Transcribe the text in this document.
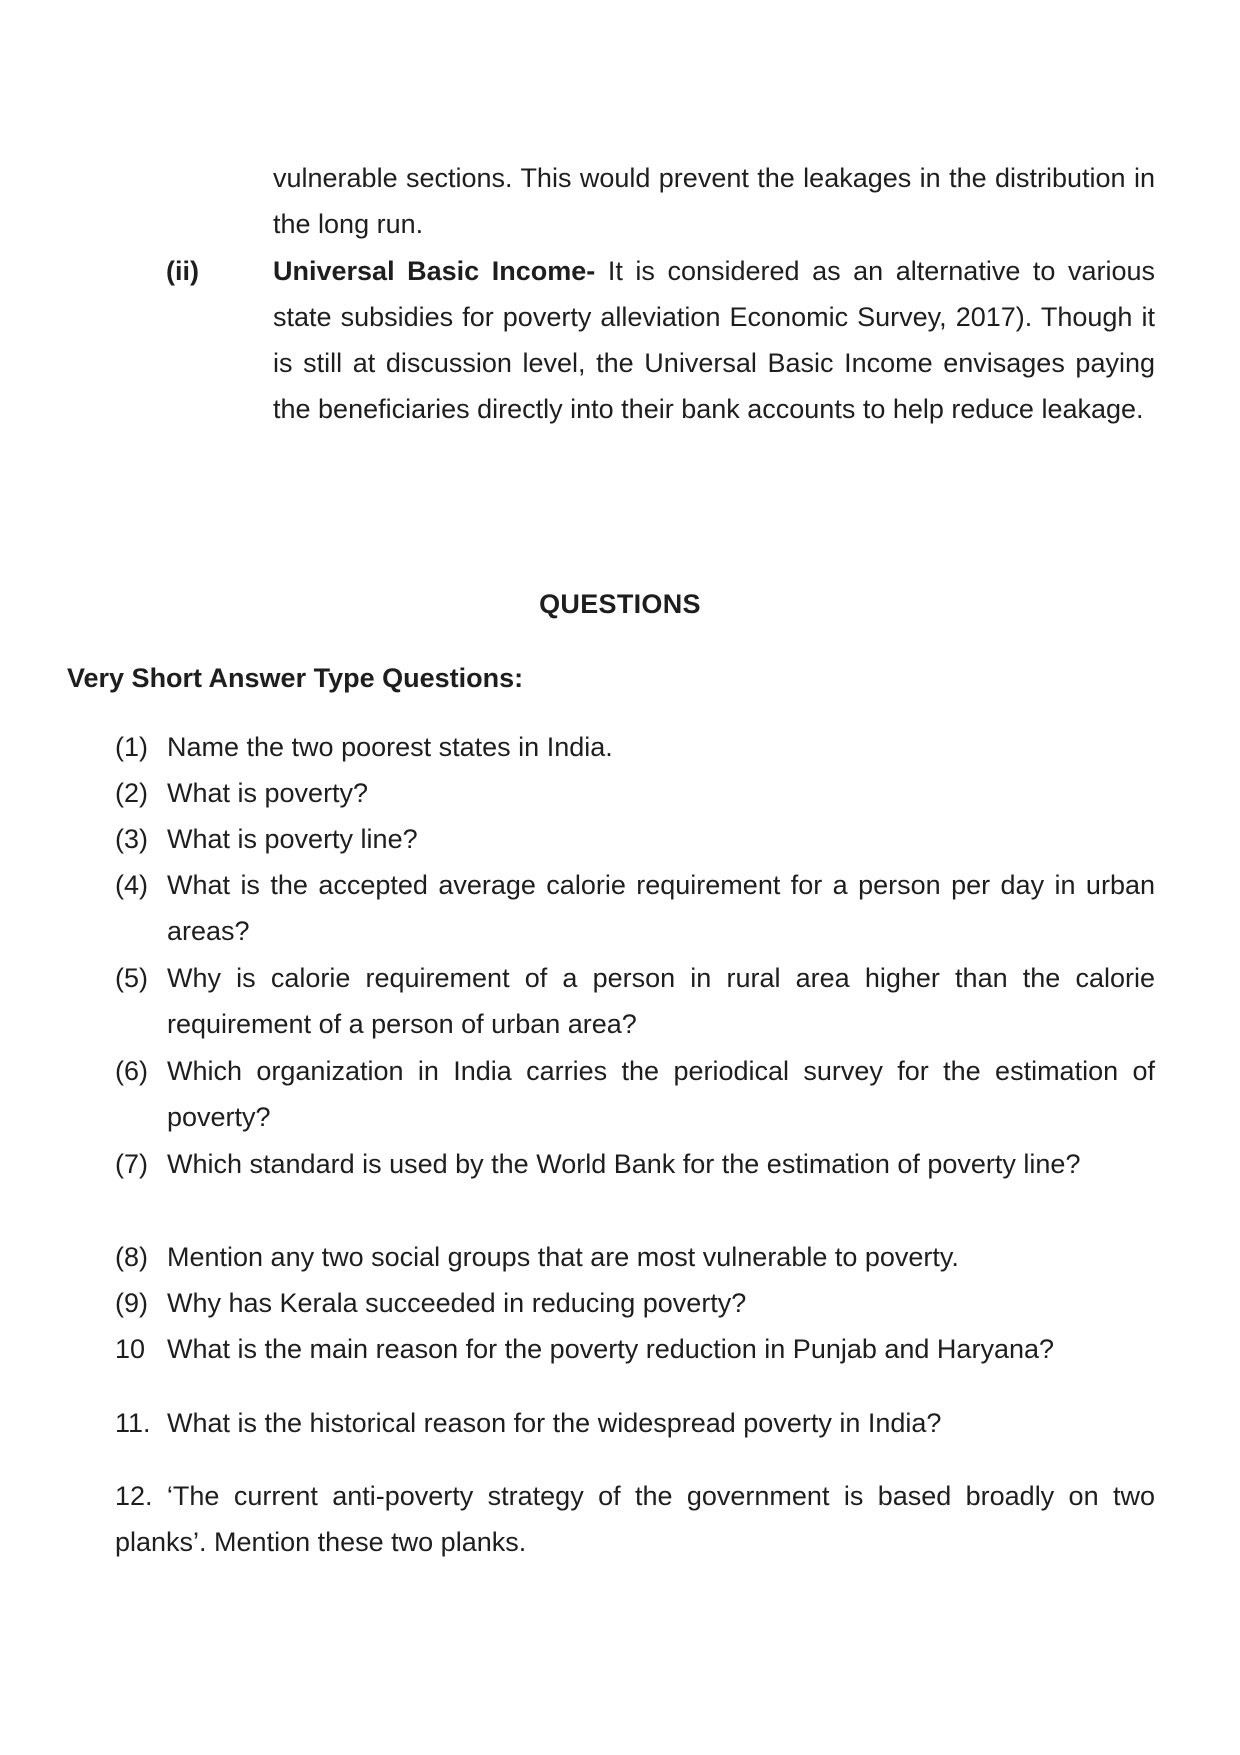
vulnerable sections. This would prevent the leakages in the distribution in the long run.
(ii)	Universal Basic Income- It is considered as an alternative to various state subsidies for poverty alleviation Economic Survey, 2017). Though it is still at discussion level, the Universal Basic Income envisages paying the beneficiaries directly into their bank accounts to help reduce leakage.
QUESTIONS
Very Short Answer Type Questions:
(1) Name the two poorest states in India.
(2) What is poverty?
(3) What is poverty line?
(4) What is the accepted average calorie requirement for a person per day in urban areas?
(5) Why is calorie requirement of a person in rural area higher than the calorie requirement of a person of urban area?
(6) Which organization in India carries the periodical survey for the estimation of poverty?
(7) Which standard is used by the World Bank for the estimation of poverty line?
(8) Mention any two social groups that are most vulnerable to poverty.
(9) Why has Kerala succeeded in reducing poverty?
10 What is the main reason for the poverty reduction in Punjab and Haryana?
11. What is the historical reason for the widespread poverty in India?
12. ‘The current anti-poverty strategy of the government is based broadly on two planks’. Mention these two planks.
